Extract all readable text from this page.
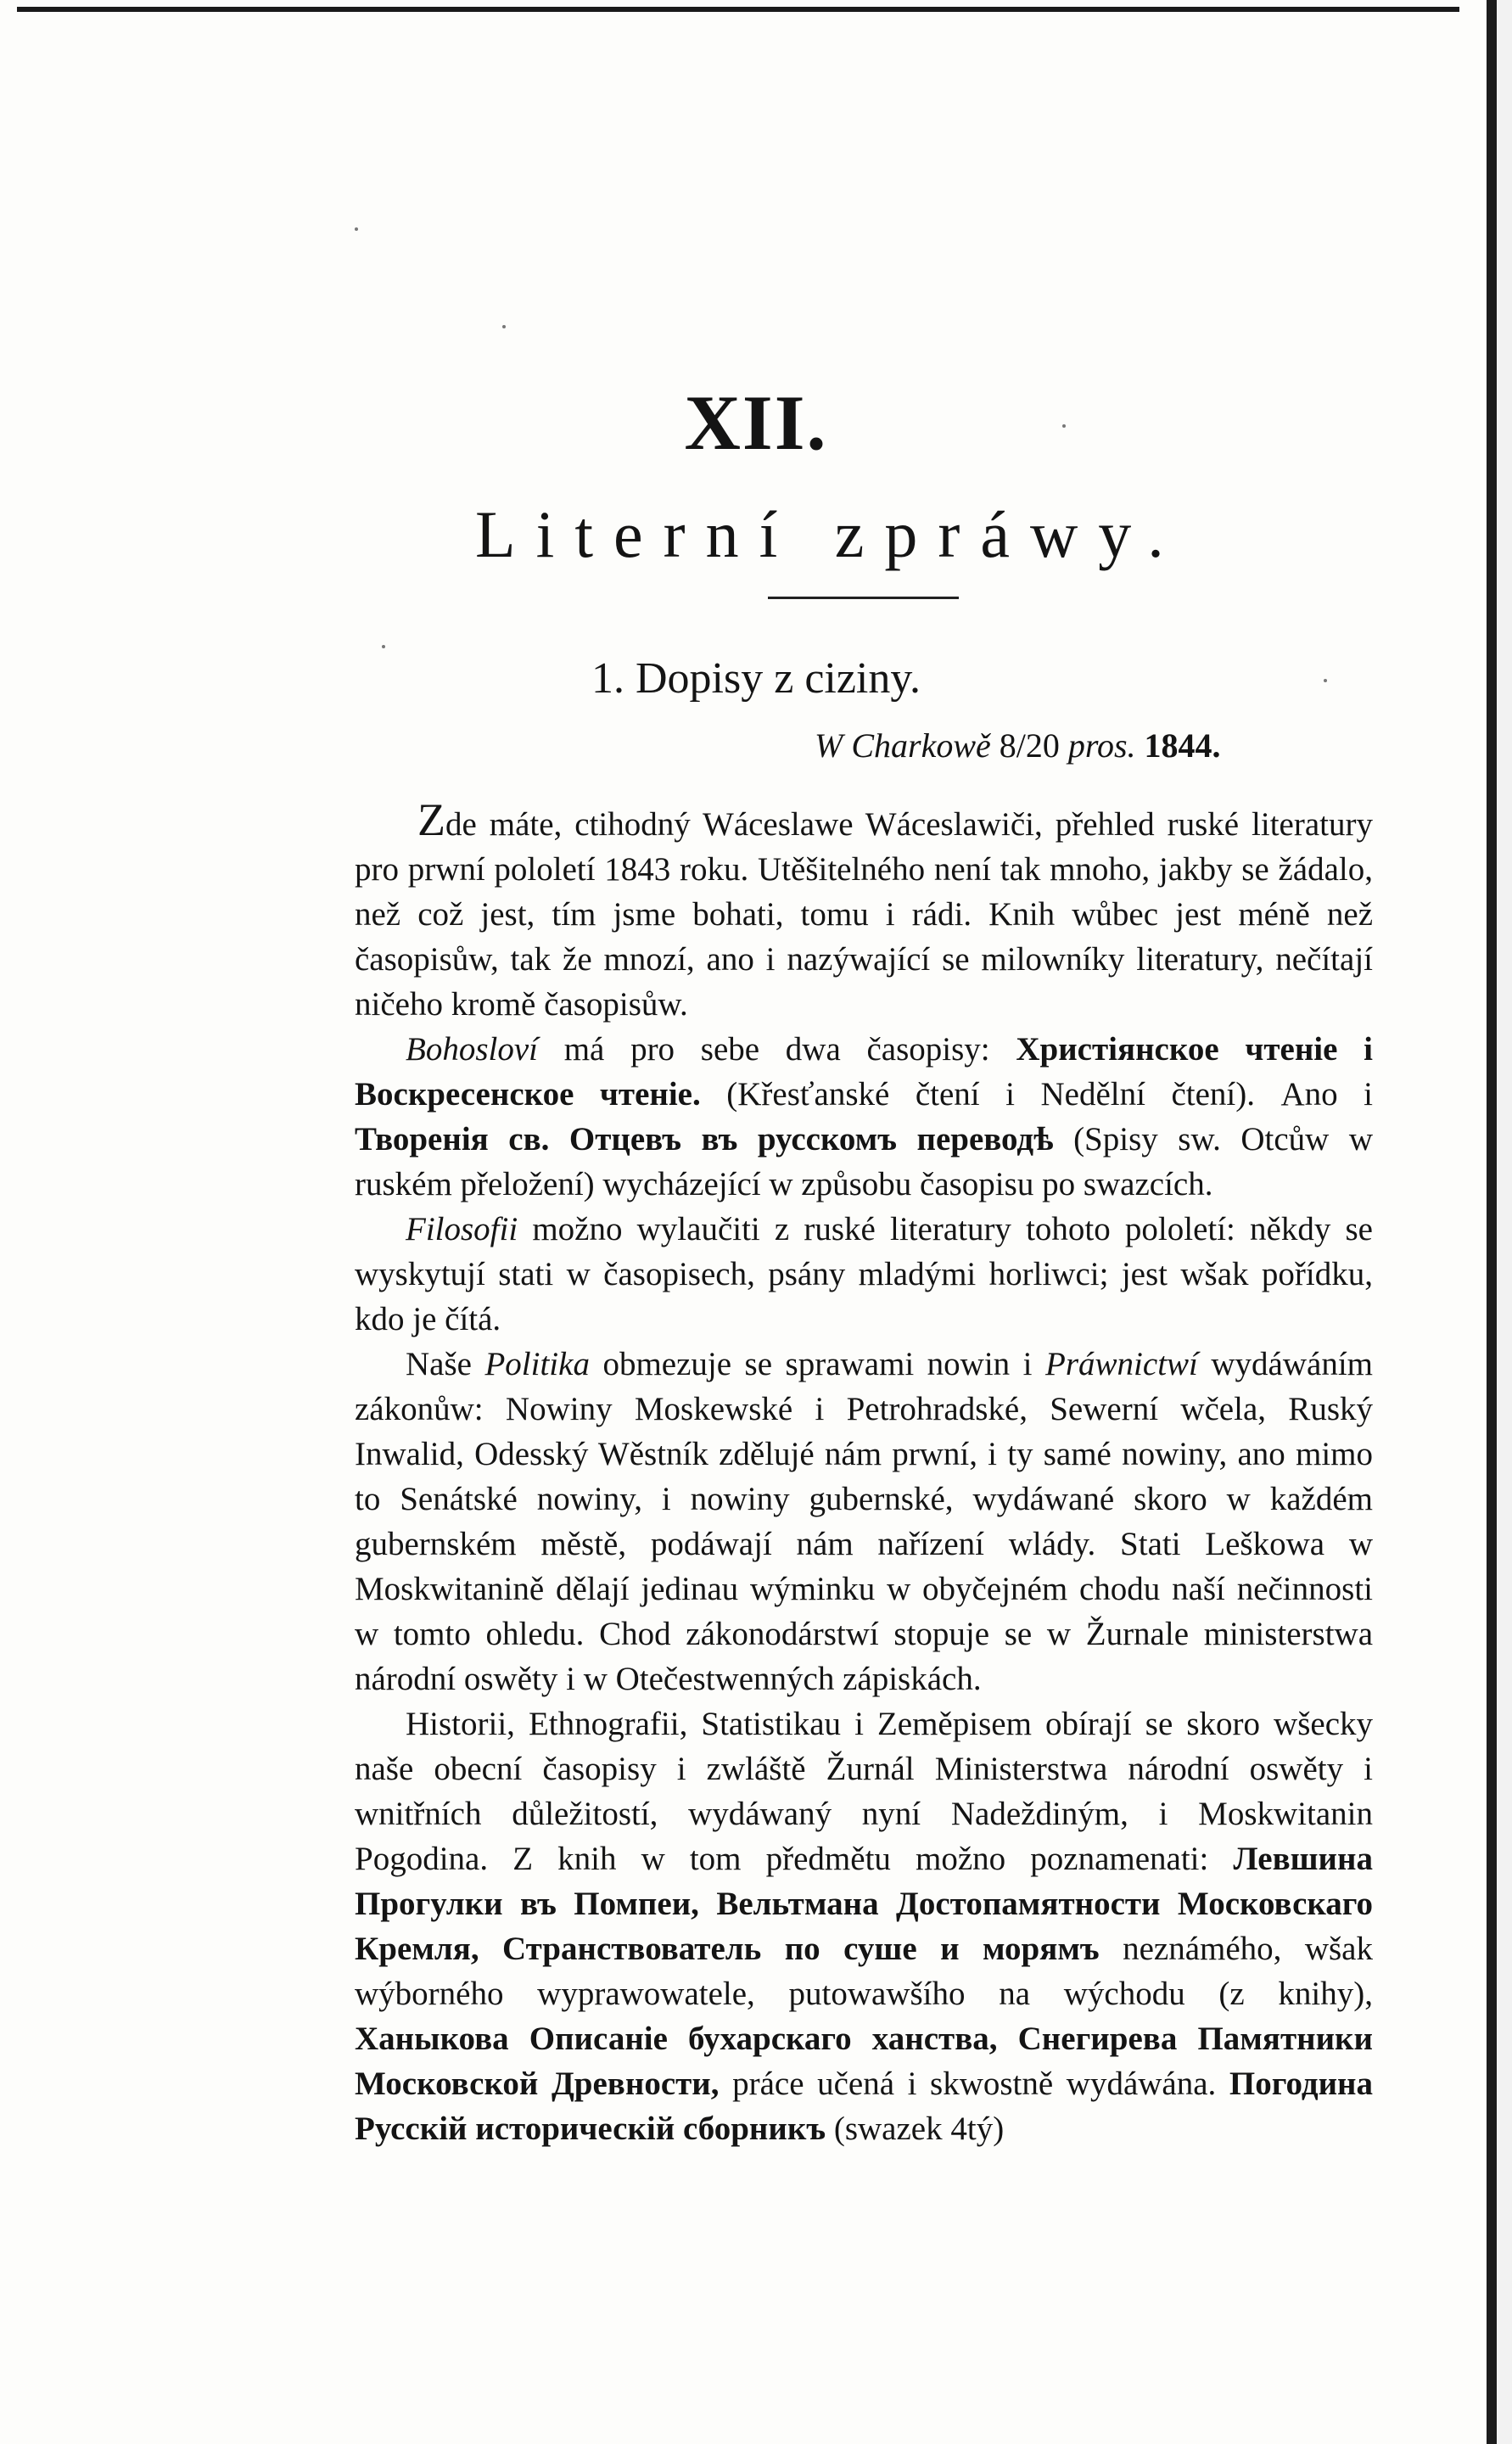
XII.
Literní zpráwy.
1. Dopisy z ciziny.
W Charkowě 8/20 pros. 1844.

Zde máte, ctihodný Wáceslawe Wáceslawiči, přehled ruské literatury pro prwní pololetí 1843 roku. Utěšitelného není tak mnoho, jakby se žádalo, než což jest, tím jsme bohati, tomu i rádi. Knih wůbec jest méně než časopisůw, tak že mnozí, ano i nazýwající se milowníky literatury, nečítají ničeho kromě časopisůw.

Bohosloví má pro sebe dwa časopisy: Христіянское чтеніе і Воскресенское чтеніе. (Křesťanské čtení i Nedělní čtení). Ano i Творенія св. Отцевъ въ русскомъ переводѣ (Spisy sw. Otcůw w ruském přeložení) wycházející w způsobu časopisu po swazcích.

Filosofii možno wylaučiti z ruské literatury tohoto pololetí: někdy se wyskytují stati w časopisech, psány mladými horliwci; jest wšak pořídku, kdo je čítá.

Naše Politika obmezuje se sprawami nowin i Práwnictwí wydáwáním zákonůw: Nowiny Moskewské i Petrohradské, Sewerní wčela, Ruský Inwalid, Odesský Wěstník zdělujé nám prwní, i ty samé nowiny, ano mimo to Senátské nowiny, i nowiny gubernské, wydáwané skoro w každém gubernském městě, podáwají nám nařízení wlády. Stati Leškowa w Moskwitanině dělají jedinau wýminku w obyčejném chodu naší nečinnosti w tomto ohledu. Chod zákonodárstwí stopuje se w Žurnale ministerstwa národní oswěty i w Otečestwenných zápiskách.

Historii, Ethnografii, Statistikau i Zeměpisem obírají se skoro wšecky naše obecní časopisy i zwláště Žurnál Ministerstwa národní oswěty i wnitřních důležitostí, wydáwaný nyní Nadeždiným, i Moskwitanin Pogodina. Z knih w tom předmětu možno poznamenati: Левшина Прогулки въ Помпеи, Вельтмана Достопамятности Московскаго Кремля, Странствователь по суше и морямъ neznámého, wšak wýborného wyprawowatele, putowawšího na wýchodu (z knihy), Ханыкова Описаніе бухарскаго ханства, Снегирева Памятники Московской Древности, práce učená i skwostně wydáwána. Погодина Русскій историческій сборникъ (swazek 4tý)
